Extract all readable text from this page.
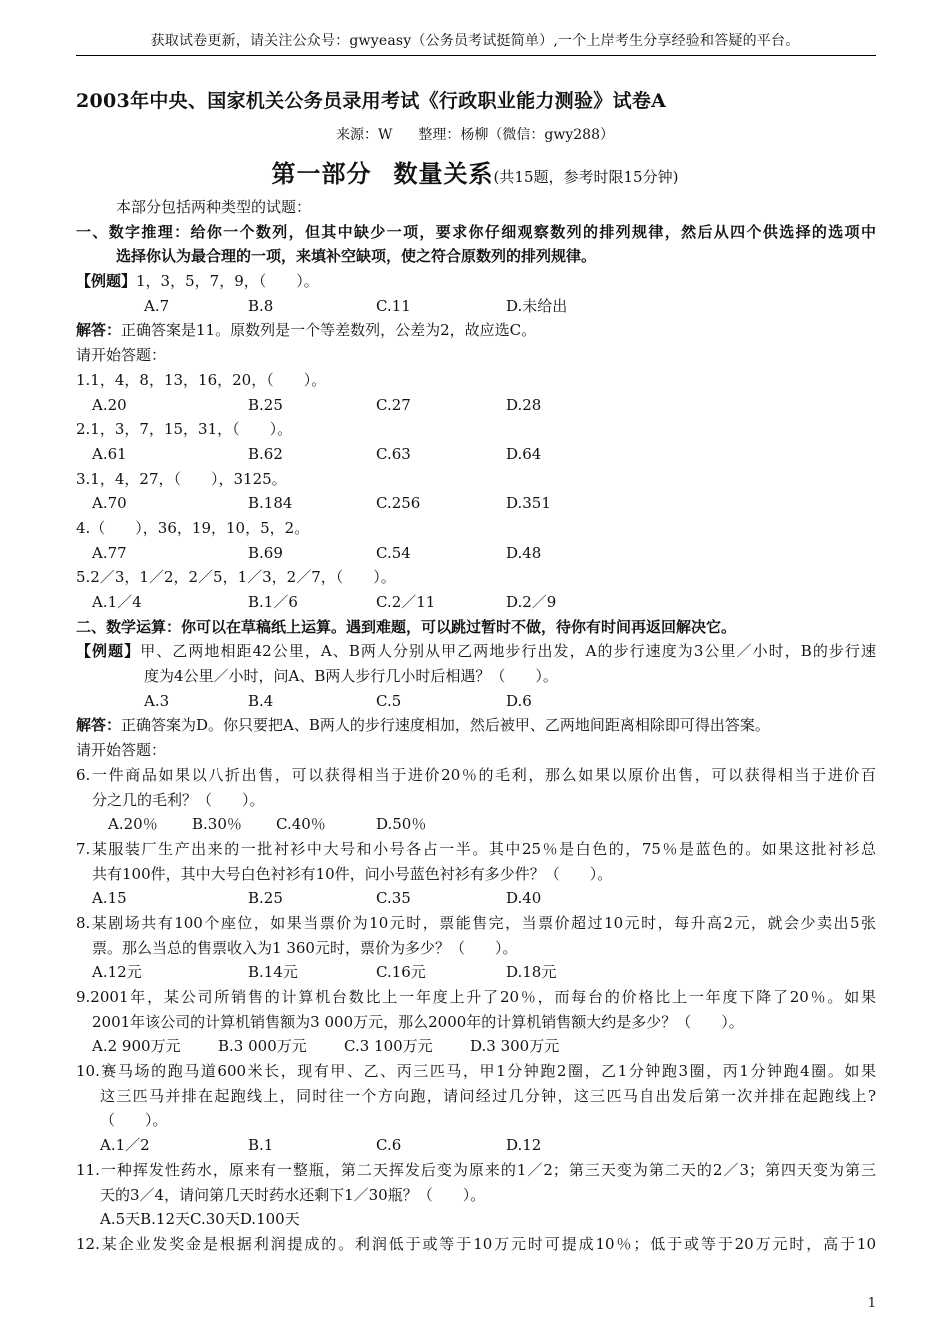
获取试卷更新，请关注公众号：gwyeasy（公务员考试挺简单）,一个上岸考生分享经验和答疑的平台。
2003年中央、国家机关公务员录用考试《行政职业能力测验》试卷A
来源：W 整理：杨柳（微信：gwy288）
第一部分 数量关系(共15题，参考时限15分钟)
本部分包括两种类型的试题：
一、数字推理：给你一个数列，但其中缺少一项，要求你仔细观察数列的排列规律，然后从四个供选择的选项中
选择你认为最合理的一项，来填补空缺项，使之符合原数列的排列规律。
【例题】1，3，5，7，9，（　　）。
A.7	B.8	C.11	D.未给出
解答：正确答案是11。原数列是一个等差数列，公差为2，故应选C。
请开始答题：
1.1，4，8，13，16，20，（　　）。
A.20	B.25	C.27	D.28
2.1，3，7，15，31，（　　）。
A.61	B.62	C.63	D.64
3.1，4，27，（　　），3125。
A.70	B.184	C.256	D.351
4.（　　），36，19，10，5，2。
A.77	B.69	C.54	D.48
5.2／3，1／2，2／5，1／3，2／7，（　　）。
A.1／4	B.1／6	C.2／11	D.2／9
二、数学运算：你可以在草稿纸上运算。遇到难题，可以跳过暂时不做，待你有时间再返回解决它。
【例题】甲、乙两地相距42公里，A、B两人分别从甲乙两地步行出发，A的步行速度为3公里／小时，B的步行速
度为4公里／小时，问A、B两人步行几小时后相遇？（　　）。
A.3	B.4	C.5	D.6
解答：正确答案为D。你只要把A、B两人的步行速度相加，然后被甲、乙两地间距离相除即可得出答案。
请开始答题：
6.一件商品如果以八折出售，可以获得相当于进价20％的毛利，那么如果以原价出售，可以获得相当于进价百
分之几的毛利？（　　）。
A.20％ B.30％ C.40％	D.50％
7.某服装厂生产出来的一批衬衫中大号和小号各占一半。其中25％是白色的，75％是蓝色的。如果这批衬衫总
共有100件，其中大号白色衬衫有10件，问小号蓝色衬衫有多少件？（　　）。
A.15	B.25	C.35	D.40
8.某剧场共有100个座位，如果当票价为10元时，票能售完，当票价超过10元时，每升高2元，就会少卖出5张
票。那么当总的售票收入为1 360元时，票价为多少？（　　）。
A.12元	B.14元	C.16元	D.18元
9.2001年，某公司所销售的计算机台数比上一年度上升了20％，而每台的价格比上一年度下降了20％。如果
2001年该公司的计算机销售额为3 000万元，那么2000年的计算机销售额大约是多少？（　　）。
A.2 900万元 B.3 000万元 C.3 100万元 D.3 300万元
10.赛马场的跑马道600米长，现有甲、乙、丙三匹马，甲1分钟跑2圈，乙1分钟跑3圈，丙1分钟跑4圈。如果
这三匹马并排在起跑线上，同时往一个方向跑，请问经过几分钟，这三匹马自出发后第一次并排在起跑线上?
（　　）。
A.1／2	B.1	C.6	D.12
11.一种挥发性药水，原来有一整瓶，第二天挥发后变为原来的1／2；第三天变为第二天的2／3；第四天变为第三
天的3／4，请问第几天时药水还剩下1／30瓶？（　　）。
A.5天B.12天C.30天D.100天
12.某企业发奖金是根据利润提成的。利润低于或等于10万元时可提成10％；低于或等于20万元时，高于10
1
